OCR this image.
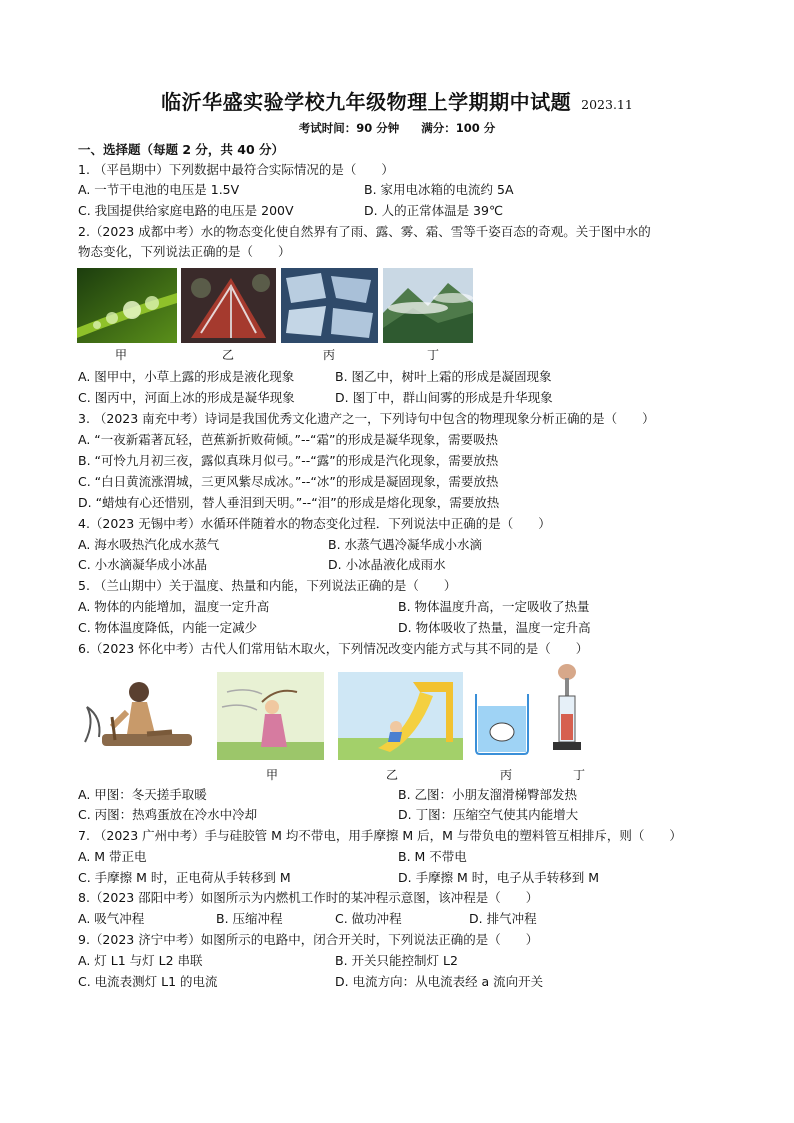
临沂华盛实验学校九年级物理上学期期中试题 2023.11
考试时间：90 分钟 满分：100 分
一、选择题（每题 2 分，共 40 分）
1. （平邑期中）下列数据中最符合实际情况的是（　　）
A. 一节干电池的电压是 1.5V	B. 家用电冰箱的电流约 5A
C. 我国提供给家庭电路的电压是 200V	D. 人的正常体温是 39℃
2.（2023 成都中考）水的物态变化使自然界有了雨、露、雾、霜、雪等千姿百态的奇观。关于图中水的
物态变化，下列说法正确的是（　　）
甲	乙	丙	丁
A. 图甲中，小草上露的形成是液化现象	B. 图乙中，树叶上霜的形成是凝固现象
C. 图丙中，河面上冰的形成是凝华现象	D. 图丁中，群山间雾的形成是升华现象
3. （2023 南充中考）诗词是我国优秀文化遗产之一，下列诗句中包含的物理现象分析正确的是（　　）
A. “一夜新霜著瓦轻，芭蕉新折败荷倾。”--“霜”的形成是凝华现象，需要吸热
B. “可怜九月初三夜，露似真珠月似弓。”--“露”的形成是汽化现象，需要放热
C. “白日黄流涨渭城，三更风紫尽成冰。”--“冰”的形成是凝固现象，需要放热
D. “蜡烛有心还惜别，替人垂泪到天明。”--“泪”的形成是熔化现象，需要放热
4.（2023 无锡中考）水循环伴随着水的物态变化过程．下列说法中正确的是（　　）
A. 海水吸热汽化成水蒸气	B. 水蒸气遇冷凝华成小水滴
C. 小水滴凝华成小冰晶	D. 小冰晶液化成雨水
5. （兰山期中）关于温度、热量和内能，下列说法正确的是（　　）
A. 物体的内能增加，温度一定升高	B. 物体温度升高，一定吸收了热量
C. 物体温度降低，内能一定减少	D. 物体吸收了热量，温度一定升高
6.（2023 怀化中考）古代人们常用钻木取火，下列情况改变内能方式与其不同的是（　　）
甲	乙	丙	丁
A. 甲图：冬天搓手取暖	B. 乙图：小朋友溜滑梯臀部发热
C. 丙图：热鸡蛋放在冷水中冷却	D. 丁图：压缩空气使其内能增大
7. （2023 广州中考）手与硅胶管 M 均不带电，用手摩擦 M 后，M 与带负电的塑料管互相排斥，则（　　）
A. M 带正电	B. M 不带电
C. 手摩擦 M 时，正电荷从手转移到 M	D. 手摩擦 M 时，电子从手转移到 M
8.（2023 邵阳中考）如图所示为内燃机工作时的某冲程示意图，该冲程是（　　）
A. 吸气冲程	B. 压缩冲程	C. 做功冲程	D. 排气冲程
9.（2023 济宁中考）如图所示的电路中，闭合开关时，下列说法正确的是（　　）
A. 灯 L1 与灯 L2 串联	B. 开关只能控制灯 L2
C. 电流表测灯 L1 的电流	D. 电流方向：从电流表经 a 流向开关
